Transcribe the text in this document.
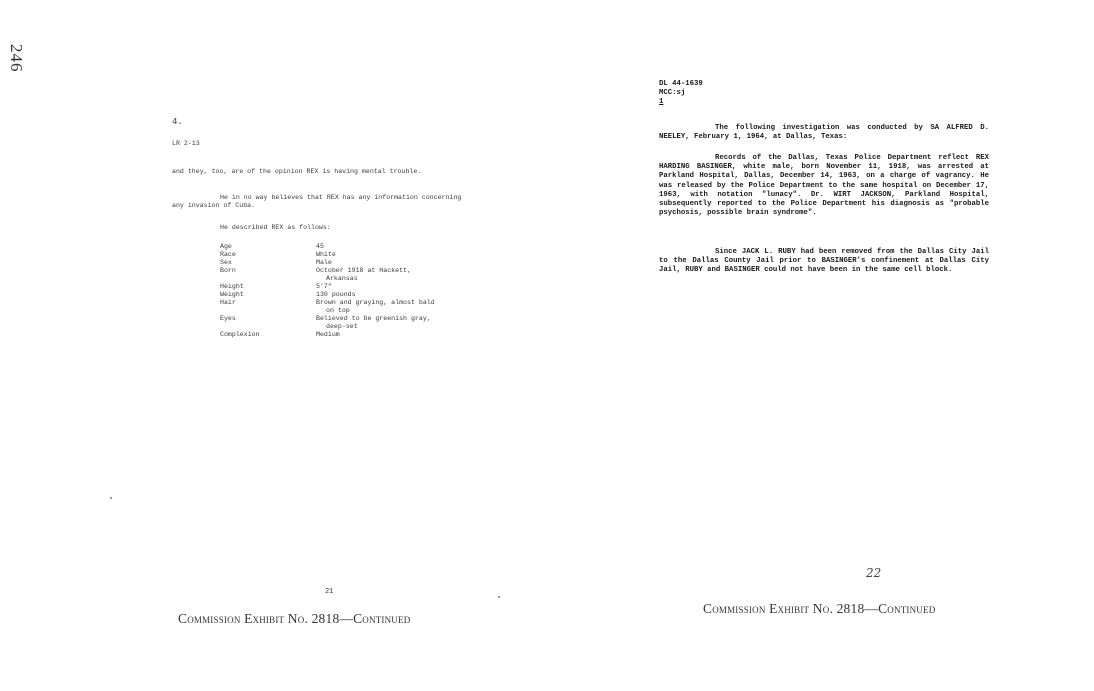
246
4.
LR 2-13
and they, too, are of the opinion REX is having mental trouble.
He in no way believes that REX has any information concerning any invasion of Cuba.
He described REX as follows:
Age	45

Race	White

Sex	Male

Born	October 1918 at Hackett,
Arkansas

Height	5'7"

Weight	130 pounds

Hair	Brown and graying, almost bald
on top

Eyes	Believed to be greenish gray,
deep-set

Complexion	Medium
21
Commission Exhibit No. 2818—Continued
DL 44-1639
MCC:sj
1
The following investigation was conducted by SA ALFRED D. NEELEY, February 1, 1964, at Dallas, Texas:
Records of the Dallas, Texas Police Department reflect REX HARDING BASINGER, white male, born November 11, 1918, was arrested at Parkland Hospital, Dallas, December 14, 1963, on a charge of vagrancy. He was released by the Police Department to the same hospital on December 17, 1963, with notation "lunacy". Dr. WIRT JACKSON, Parkland Hospital, subsequently reported to the Police Department his diagnosis as "probable psychosis, possible brain syndrome".
Since JACK L. RUBY had been removed from the Dallas City Jail to the Dallas County Jail prior to BASINGER's confinement at Dallas City Jail, RUBY and BASINGER could not have been in the same cell block.
22
Commission Exhibit No. 2818—Continued
